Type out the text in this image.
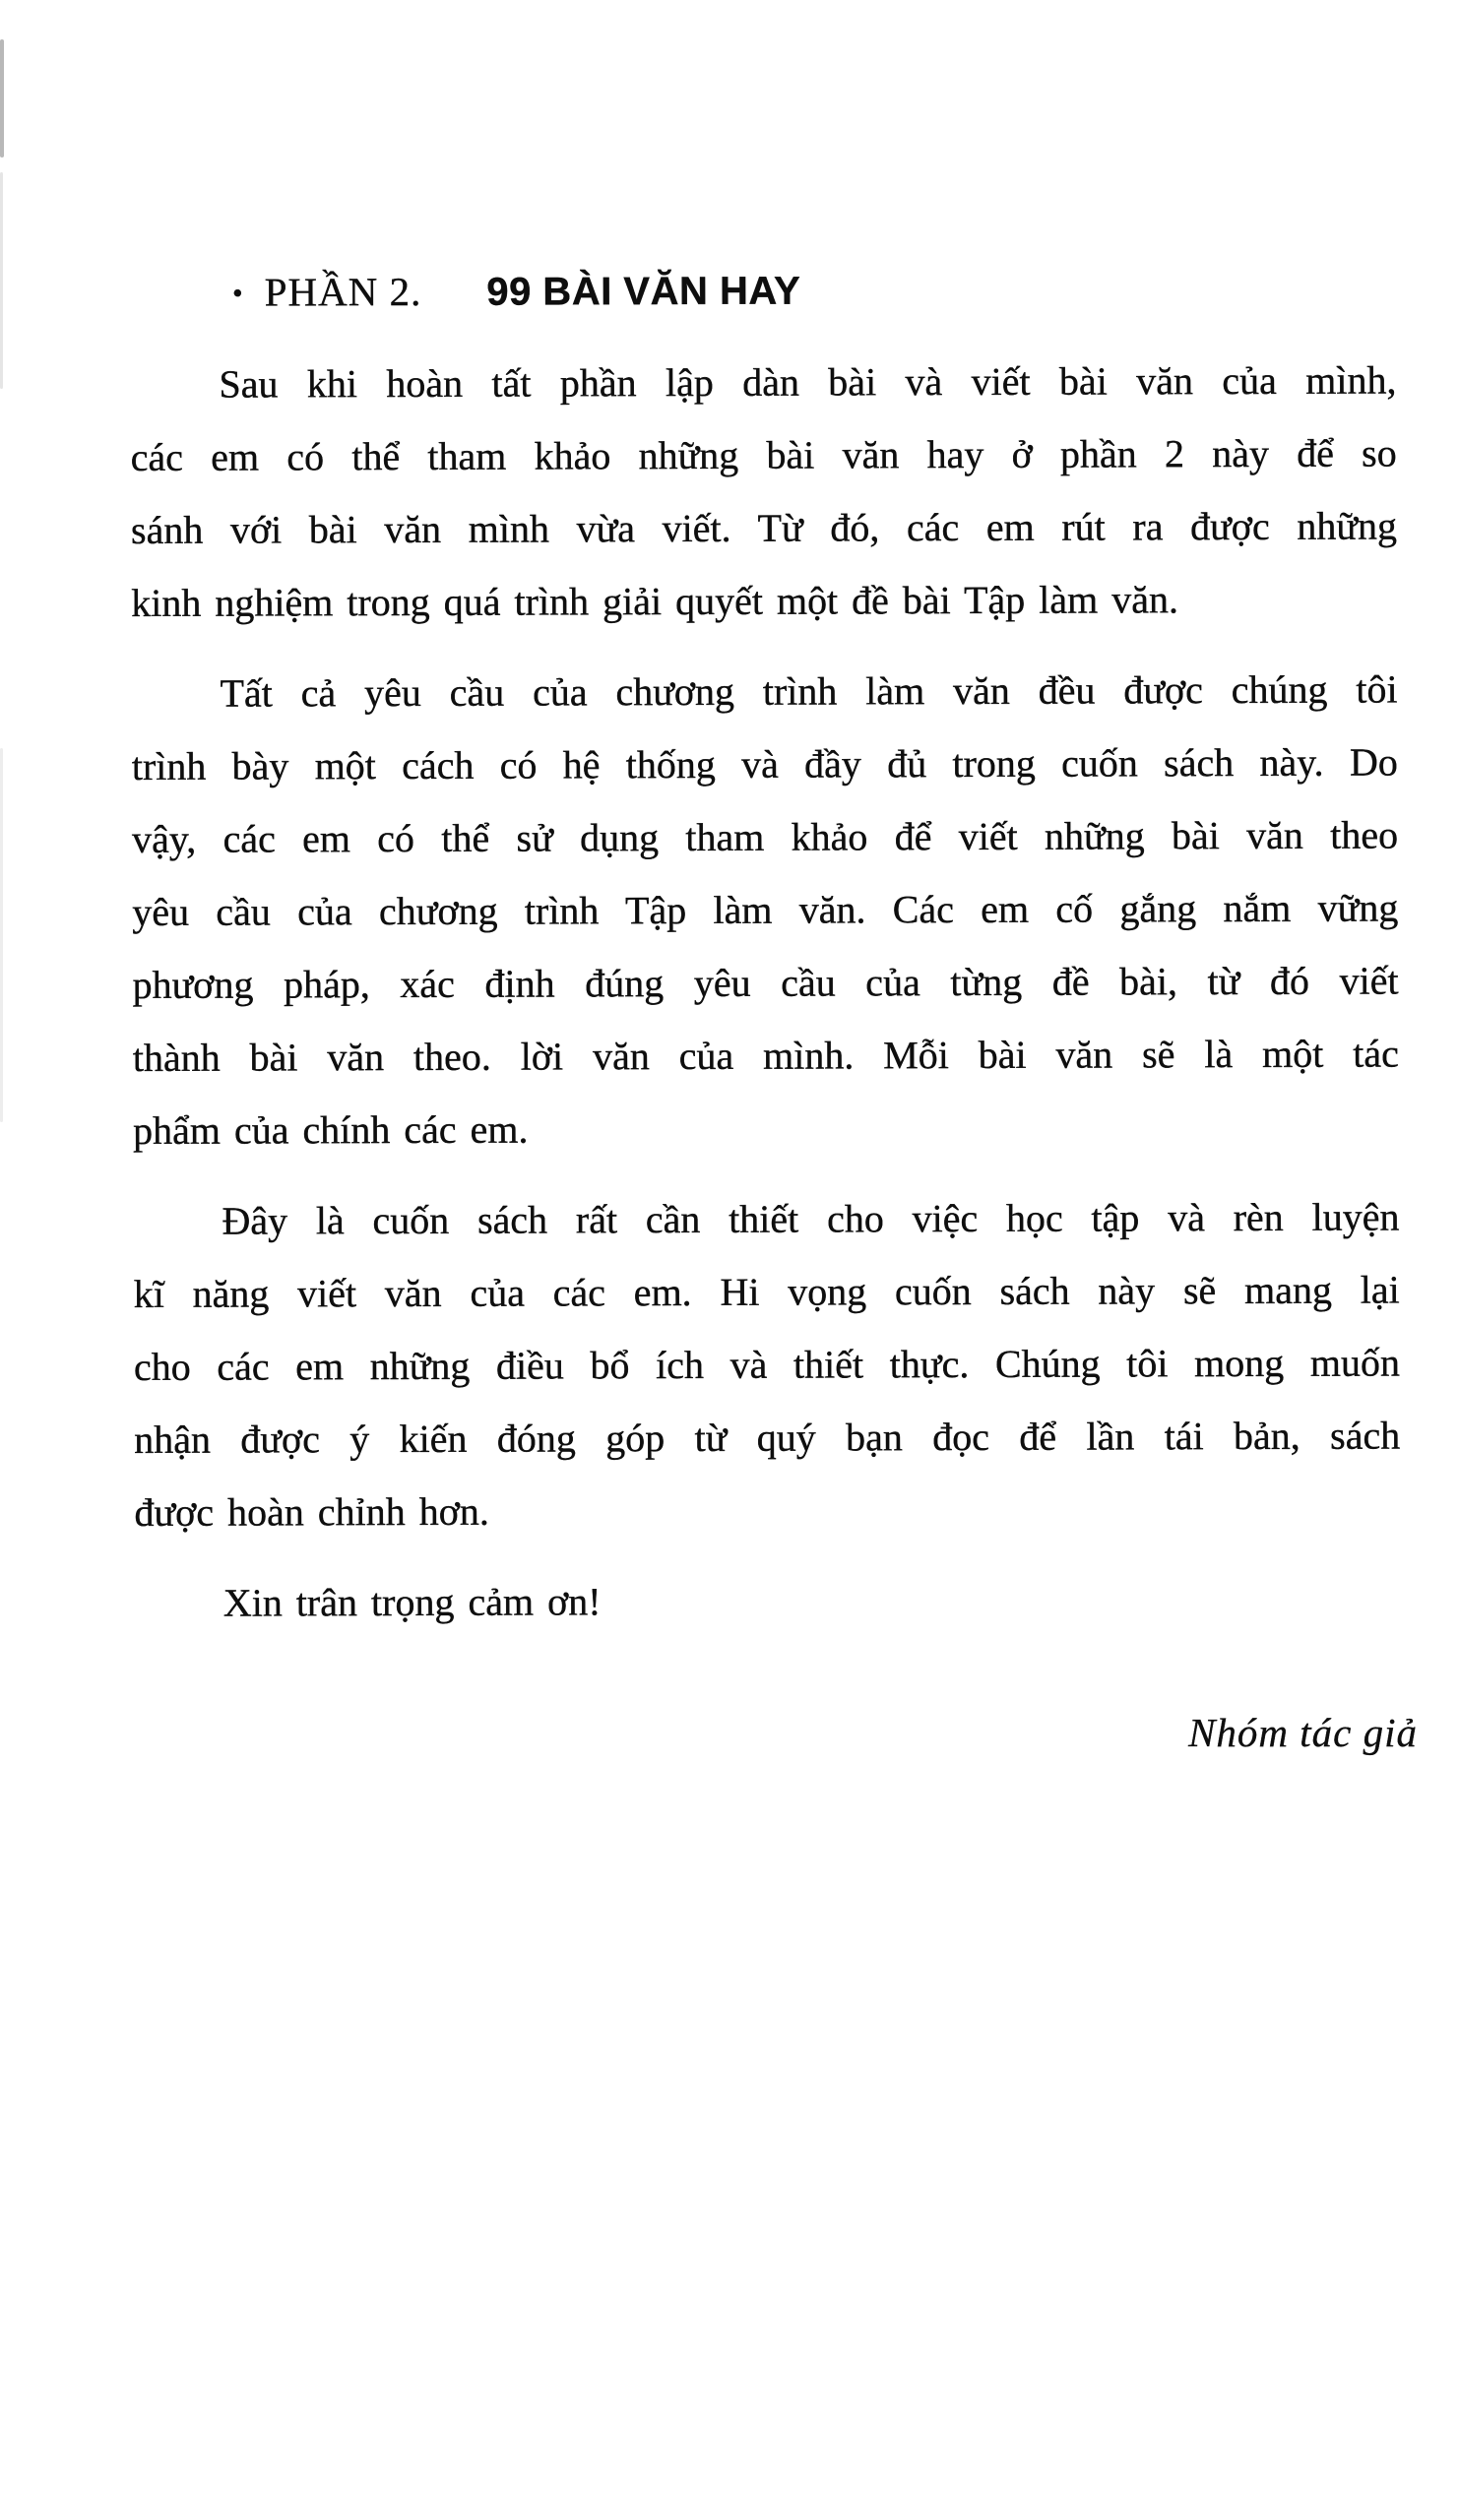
• PHẦN 2. 99 BÀI VĂN HAY
Sau khi hoàn tất phần lập dàn bài và viết bài văn của mình,
các em có thể tham khảo những bài văn hay ở phần 2 này để so
sánh với bài văn mình vừa viết. Từ đó, các em rút ra được những
kinh nghiệm trong quá trình giải quyết một đề bài Tập làm văn.
Tất cả yêu cầu của chương trình làm văn đều được chúng tôi
trình bày một cách có hệ thống và đầy đủ trong cuốn sách này. Do
vậy, các em có thể sử dụng tham khảo để viết những bài văn theo
yêu cầu của chương trình Tập làm văn. Các em cố gắng nắm vững
phương pháp, xác định đúng yêu cầu của từng đề bài, từ đó viết
thành bài văn theo. lời văn của mình. Mỗi bài văn sẽ là một tác
phẩm của chính các em.
Đây là cuốn sách rất cần thiết cho việc học tập và rèn luyện
kĩ năng viết văn của các em. Hi vọng cuốn sách này sẽ mang lại
cho các em những điều bổ ích và thiết thực. Chúng tôi mong muốn
nhận được ý kiến đóng góp từ quý bạn đọc để lần tái bản, sách
được hoàn chỉnh hơn.
Xin trân trọng cảm ơn!
Nhóm tác giả
